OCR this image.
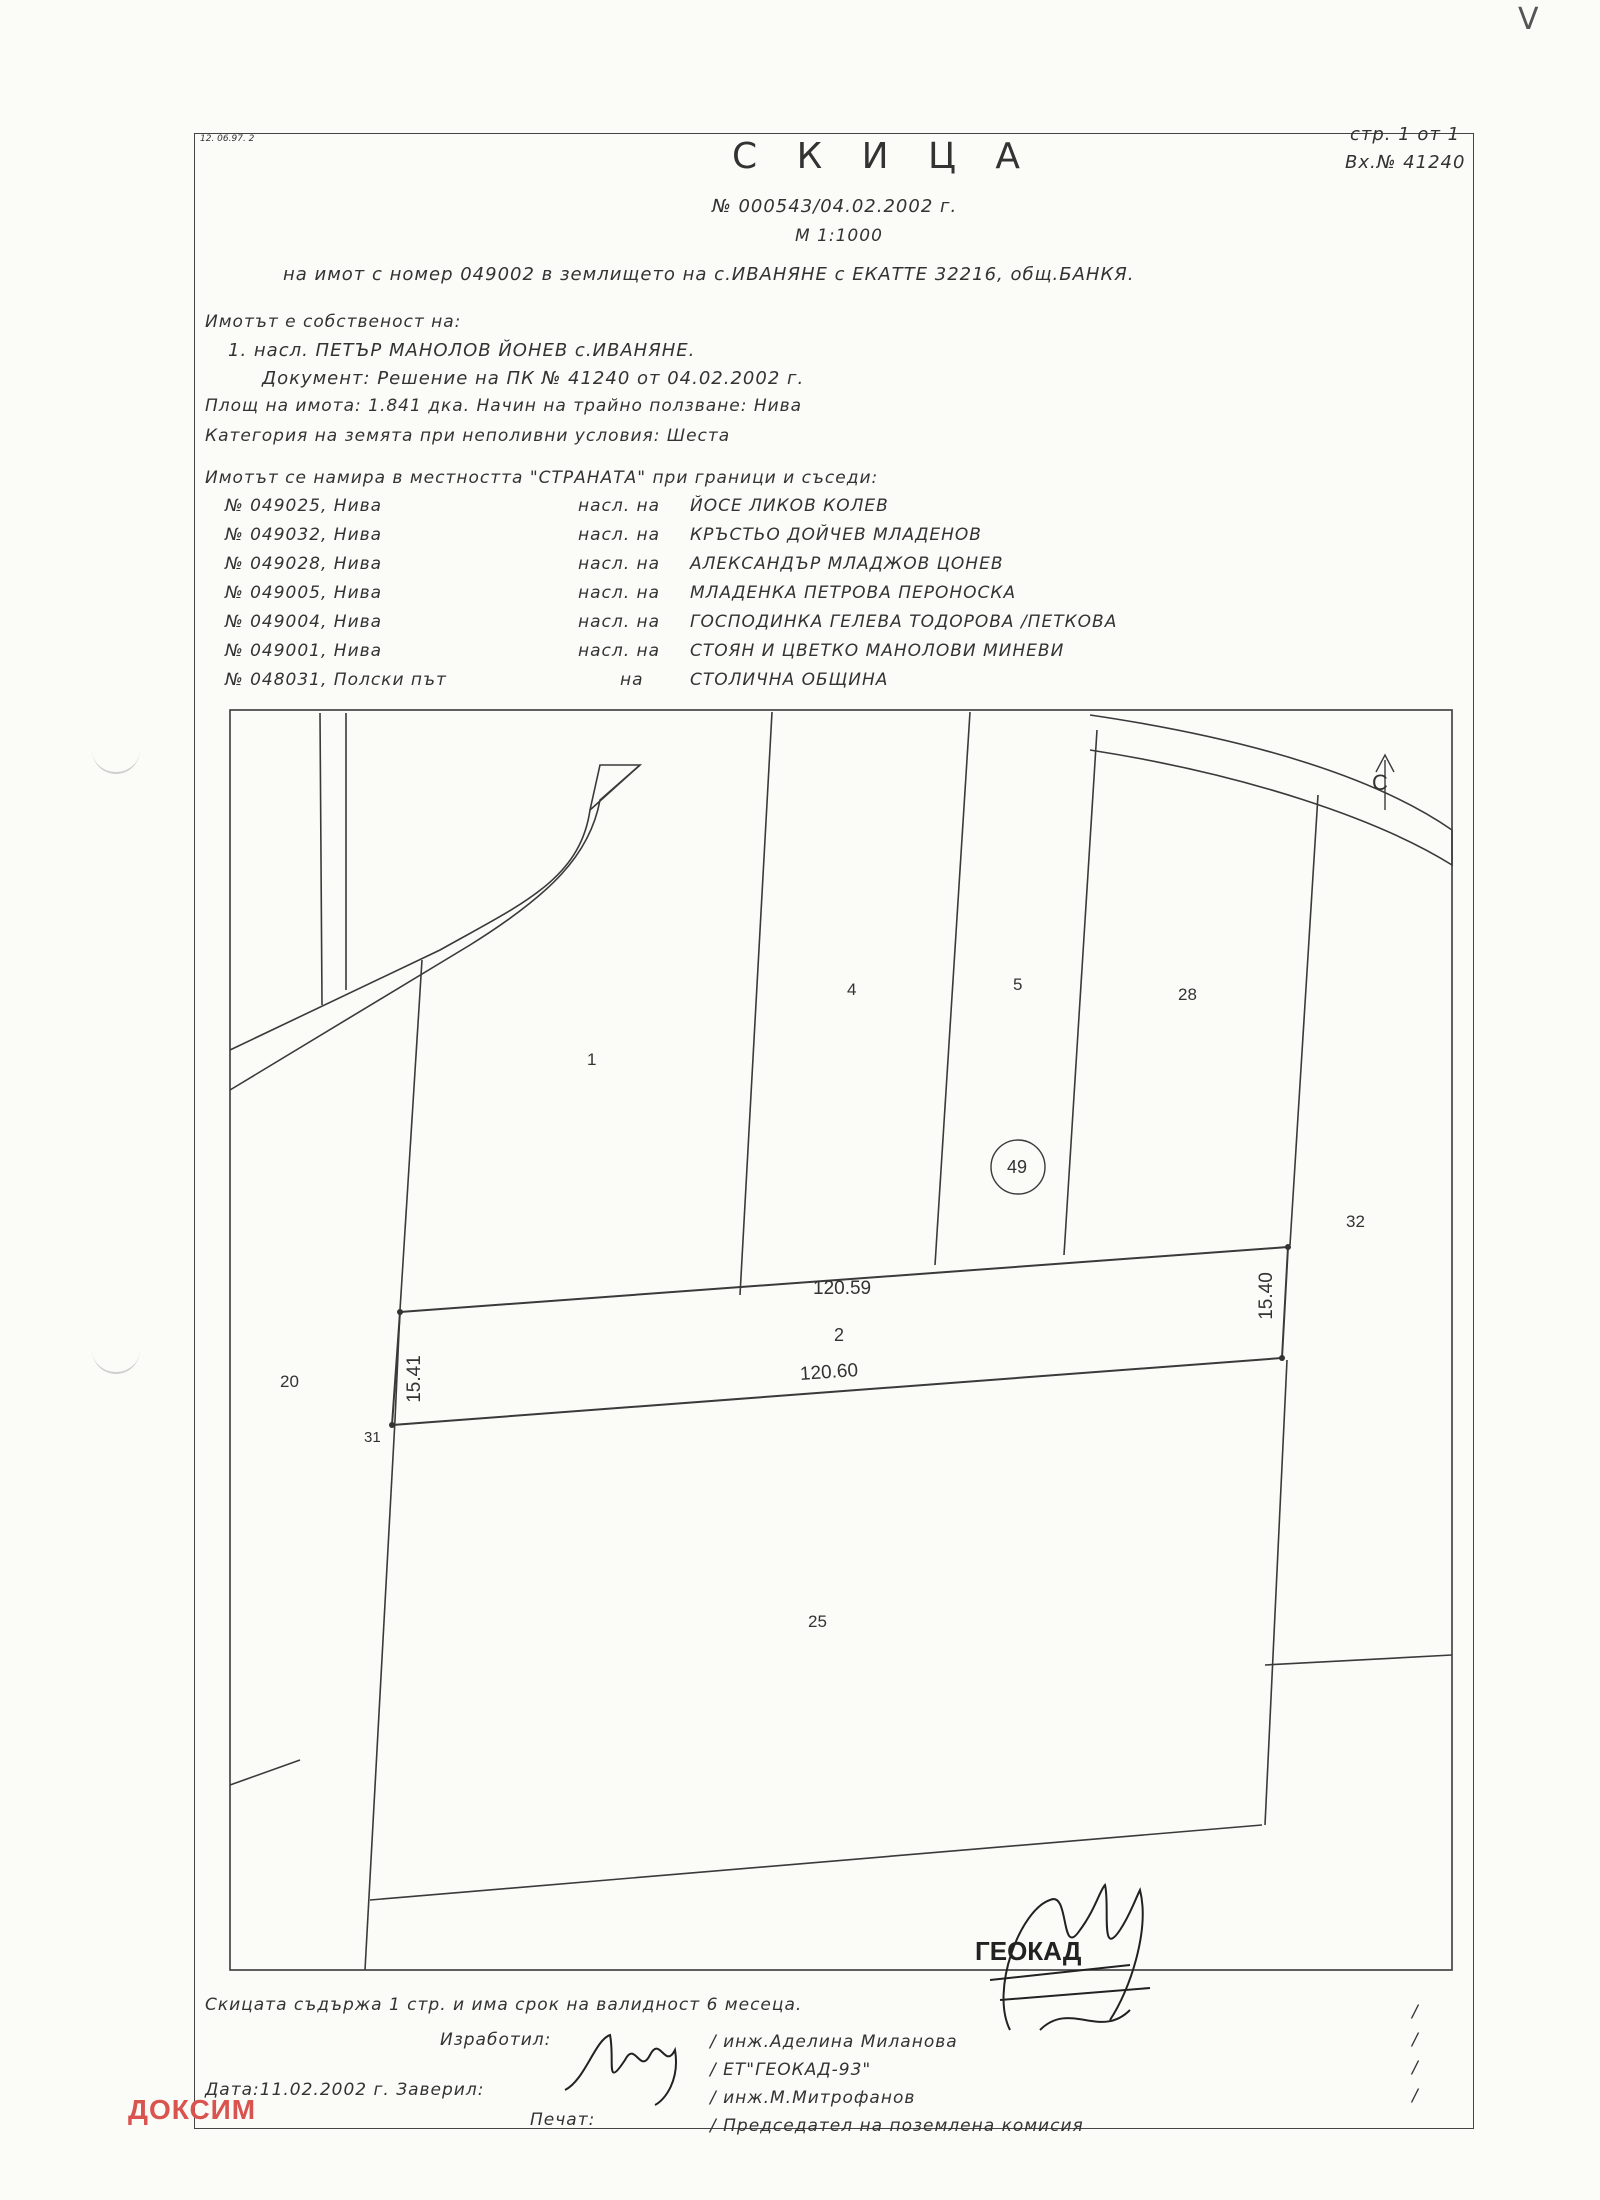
V
12. 06.97. 2	С К И Ц А
№ 000543/04.02.2002 г.
М 1:1000
стр. 1 от 1
Вх.№ 41240
на имот с номер 049002 в землището на с.ИВАНЯНЕ с ЕКАТТЕ 32216, общ.БАНКЯ.
Имотът е собственост на:
1. насл. ПЕТЪР МАНОЛОВ ЙОНЕВ с.ИВАНЯНЕ.
Документ: Решение на ПК № 41240 от 04.02.2002 г.
Площ на имота: 1.841 дка. Начин на трайно ползване: Нива
Категория на земята при неполивни условия: Шеста
Имотът се намира в местността "СТРАНАТА" при граници и съседи:
№ 049025, Нива	насл. на ЙОСЕ ЛИКОВ КОЛЕВ
№ 049032, Нива	насл. на КРЪСТЬО ДОЙЧЕВ МЛАДЕНОВ
№ 049028, Нива	насл. на АЛЕКСАНДЪР МЛАДЖОВ ЦОНЕВ
№ 049005, Нива	насл. на МЛАДЕНКА ПЕТРОВА ПЕРОНОСКА
№ 049004, Нива	насл. на ГОСПОДИНКА ГЕЛЕВА ТОДОРОВА /ПЕТКОВА
№ 049001, Нива	насл. на СТОЯН И ЦВЕТКО МАНОЛОВИ МИНЕВИ
№ 048031, Полски път	на	СТОЛИЧНА ОБЩИНА
1
4	5
28
32
20
31
25
49
2
120.59
120.60
15.41
15.40
С
Скицата съдържа 1 стр. и има срок на валидност 6 месеца.
Изработил:
Дата:11.02.2002 г. Заверил:
Печат:
/ инж.Аделина Миланова
/ ЕТ"ГЕОКАД-93"
/ инж.М.Митрофанов
/ Председател на поземлена комисия
/
/
/
/
ГЕОКАД
ДОКСИМ
